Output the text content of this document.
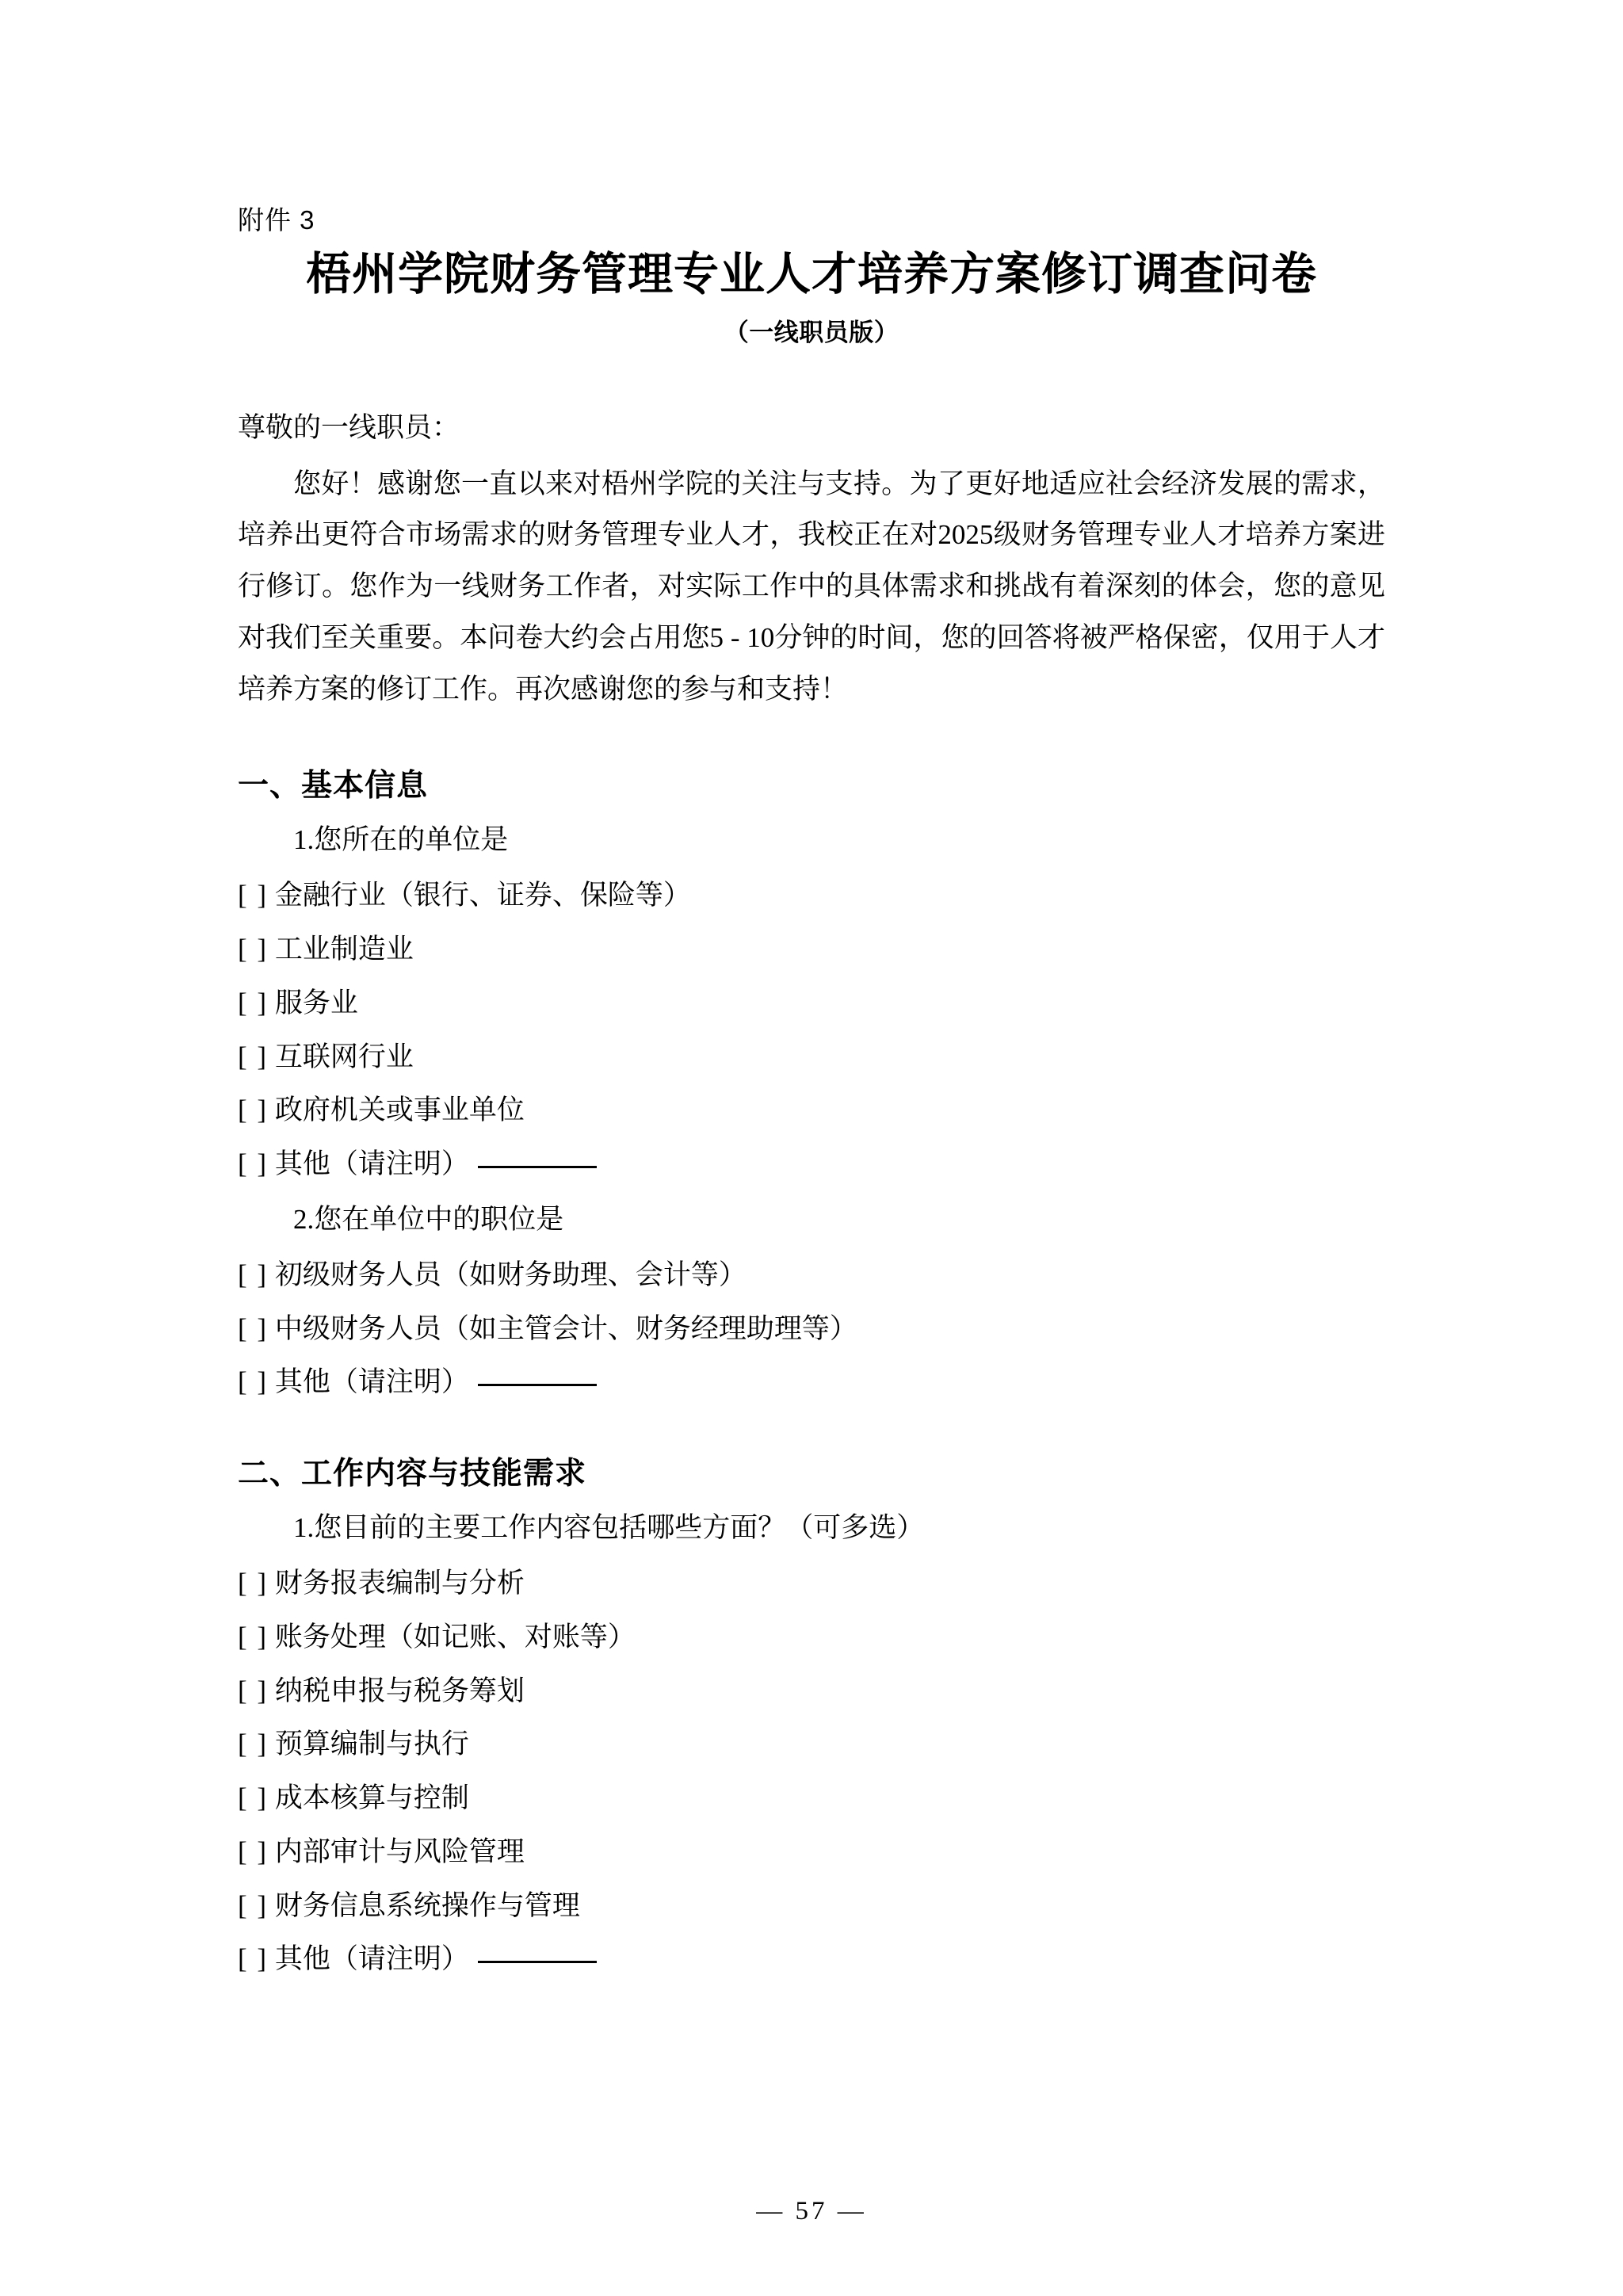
附件 3
梧州学院财务管理专业人才培养方案修订调查问卷
（一线职员版）
尊敬的一线职员：

您好！感谢您一直以来对梧州学院的关注与支持。为了更好地适应社会经济发展的需求，培养出更符合市场需求的财务管理专业人才，我校正在对2025级财务管理专业人才培养方案进行修订。您作为一线财务工作者，对实际工作中的具体需求和挑战有着深刻的体会，您的意见对我们至关重要。本问卷大约会占用您5 - 10分钟的时间，您的回答将被严格保密，仅用于人才培养方案的修订工作。再次感谢您的参与和支持！

一、基本信息
1.您所在的单位是
[ ] 金融行业（银行、证券、保险等）
[ ] 工业制造业
[ ] 服务业
[ ] 互联网行业
[ ] 政府机关或事业单位
[ ] 其他（请注明）
2.您在单位中的职位是
[ ] 初级财务人员（如财务助理、会计等）
[ ] 中级财务人员（如主管会计、财务经理助理等）
[ ] 其他（请注明）
二、工作内容与技能需求
1.您目前的主要工作内容包括哪些方面？（可多选）
[ ] 财务报表编制与分析
[ ] 账务处理（如记账、对账等）
[ ] 纳税申报与税务筹划
[ ] 预算编制与执行
[ ] 成本核算与控制
[ ] 内部审计与风险管理
[ ] 财务信息系统操作与管理
[ ] 其他（请注明）
— 57 —
